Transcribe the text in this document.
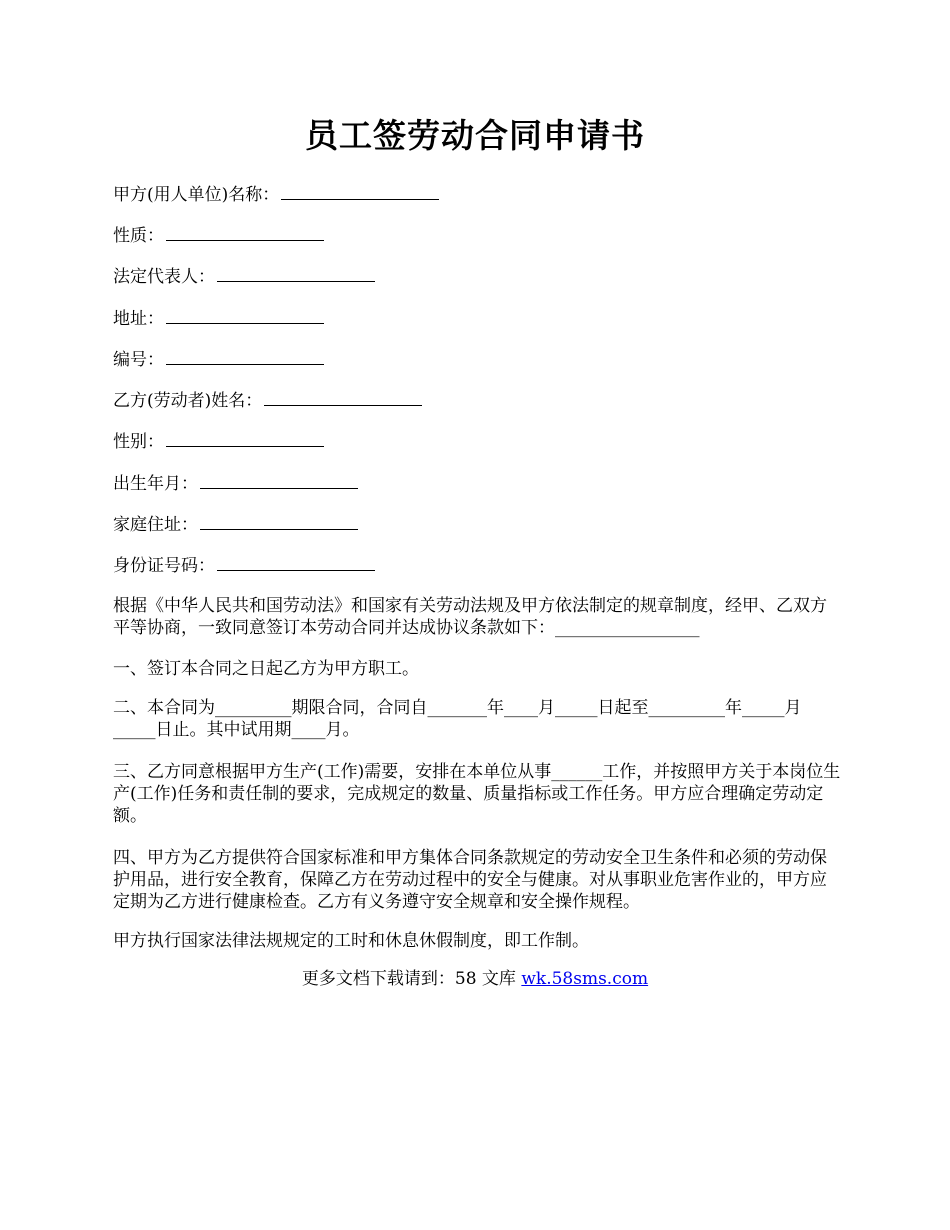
员工签劳动合同申请书
甲方(用人单位)名称：
性质：
法定代表人：
地址：
编号：
乙方(劳动者)姓名：
性别：
出生年月：
家庭住址：
身份证号码：
根据《中华人民共和国劳动法》和国家有关劳动法规及甲方依法制定的规章制度，经甲、乙双方平等协商，一致同意签订本劳动合同并达成协议条款如下：_________________
一、签订本合同之日起乙方为甲方职工。
二、本合同为_________期限合同，合同自_______年____月_____日起至_________年_____月_____日止。其中试用期____月。
三、乙方同意根据甲方生产(工作)需要，安排在本单位从事______工作，并按照甲方关于本岗位生产(工作)任务和责任制的要求，完成规定的数量、质量指标或工作任务。甲方应合理确定劳动定额。
四、甲方为乙方提供符合国家标准和甲方集体合同条款规定的劳动安全卫生条件和必须的劳动保护用品，进行安全教育，保障乙方在劳动过程中的安全与健康。对从事职业危害作业的，甲方应定期为乙方进行健康检查。乙方有义务遵守安全规章和安全操作规程。
甲方执行国家法律法规规定的工时和休息休假制度，即工作制。
更多文档下载请到：58 文库 wk.58sms.com
